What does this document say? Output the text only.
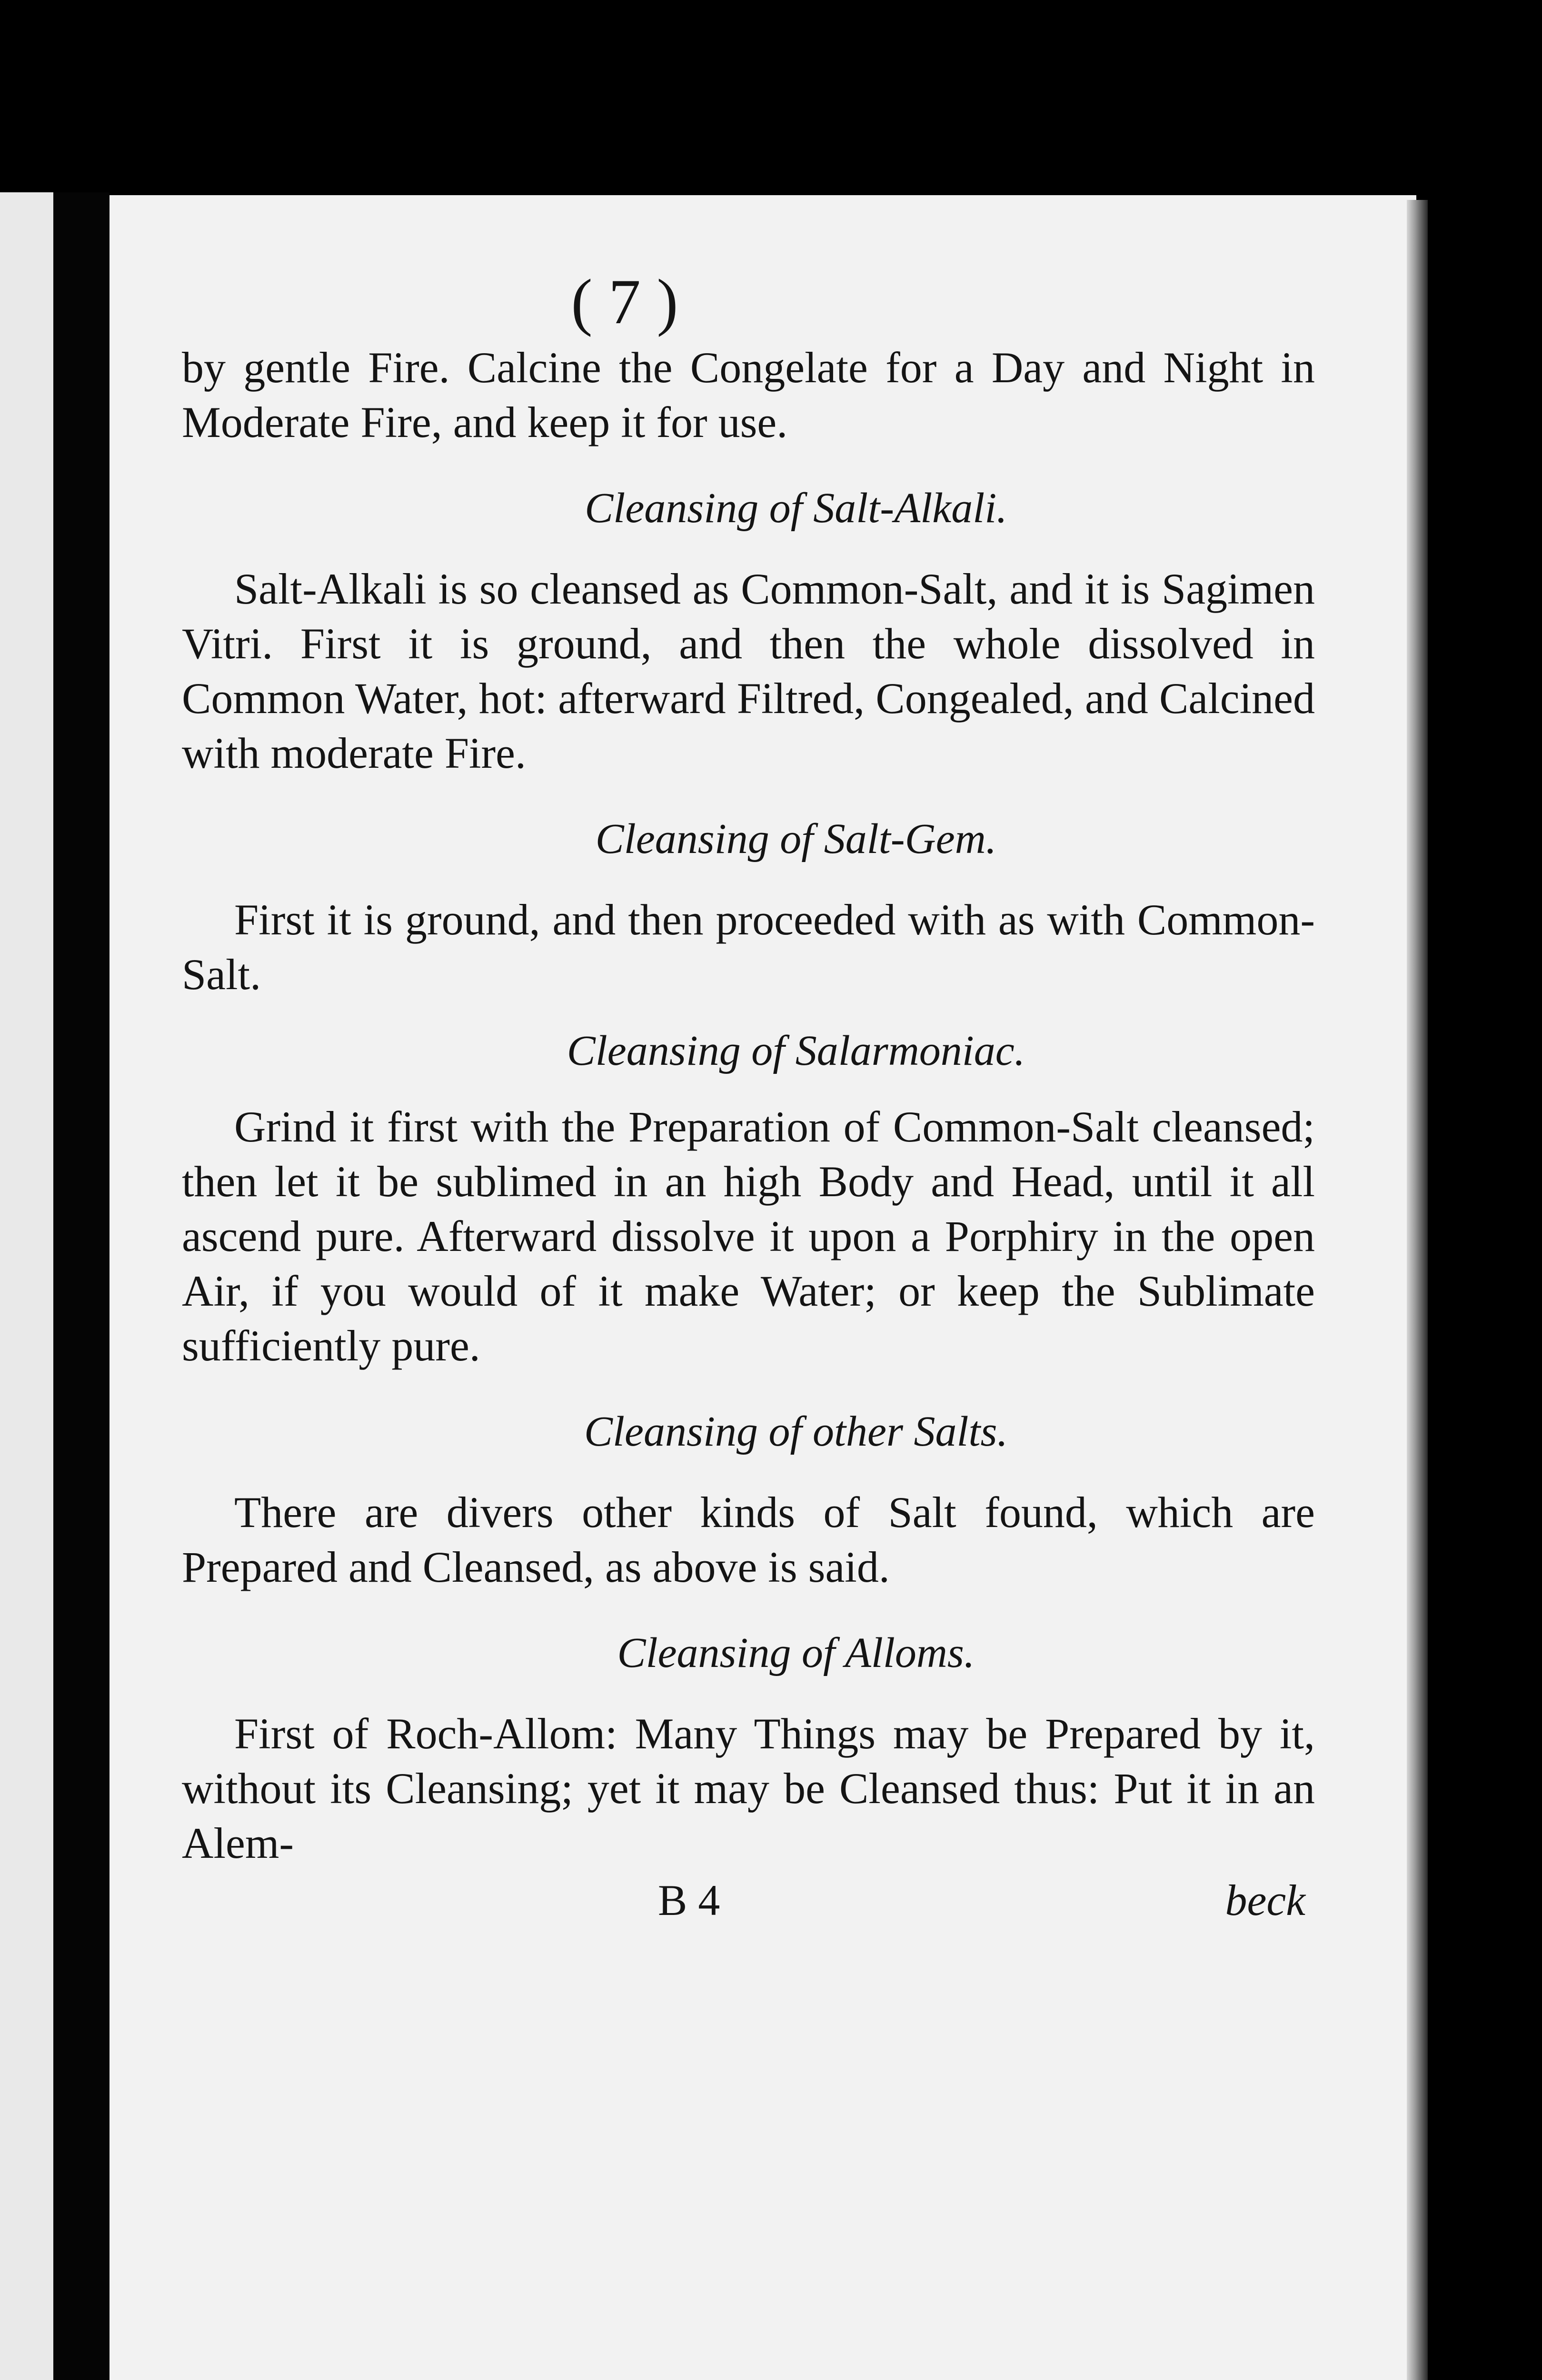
( 7 )

by gentle Fire. Calcine the Congelate for a Day and Night in Moderate Fire, and keep it for use.

Cleansing of Salt-Alkali.

Salt-Alkali is so cleansed as Common-Salt, and it is Sagimen Vitri. First it is ground, and then the whole dissolved in Common Water, hot: afterward Filtred, Congealed, and Calcined with moderate Fire.

Cleansing of Salt-Gem.

First it is ground, and then proceeded with as with Common-Salt.

Cleansing of Salarmoniac.

Grind it first with the Preparation of Common-Salt cleansed; then let it be sublimed in an high Body and Head, until it all ascend pure. Afterward dissolve it upon a Porphiry in the open Air, if you would of it make Water; or keep the Sublimate sufficiently pure.

Cleansing of other Salts.

There are divers other kinds of Salt found, which are Prepared and Cleansed, as above is said.

Cleansing of Alloms.

First of Roch-Allom: Many Things may be Prepared by it, without its Cleansing; yet it may be Cleansed thus: Put it in an Alem-

B 4	beck
